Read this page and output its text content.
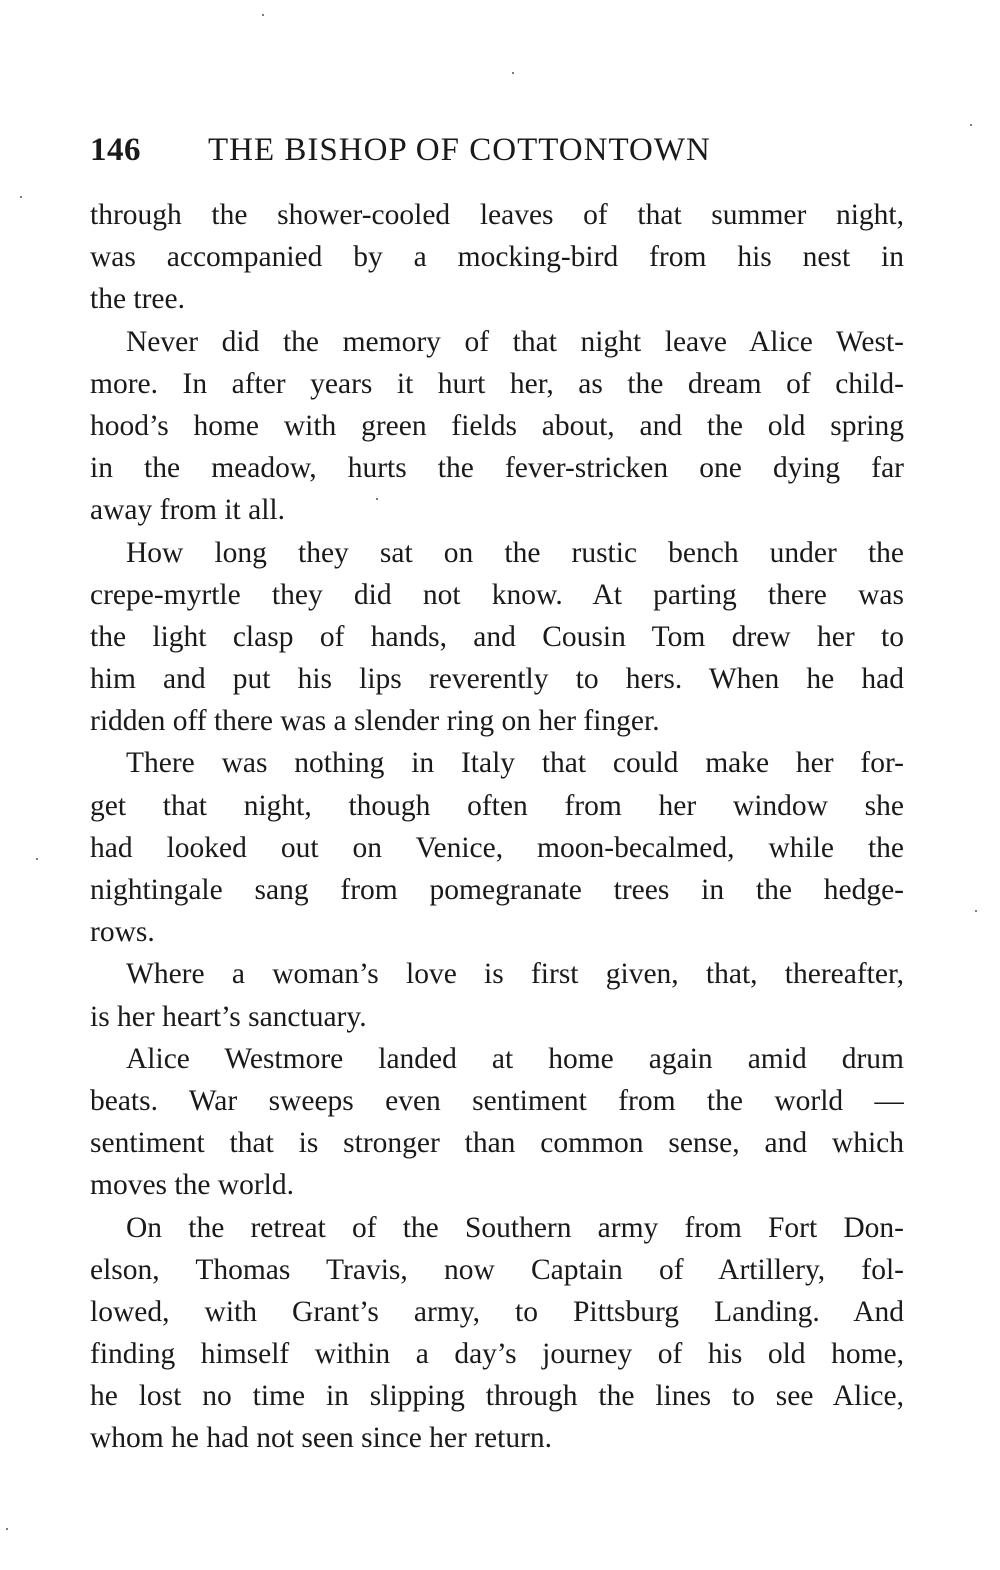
146 THE BISHOP OF COTTONTOWN

through the shower-cooled leaves of that summer night,
was accompanied by a mocking-bird from his nest in
the tree.

Never did the memory of that night leave Alice West-
more. In after years it hurt her, as the dream of child-
hood’s home with green fields about, and the old spring
in the meadow, hurts the fever-stricken one dying far
away from it all.

How long they sat on the rustic bench under the
crepe-myrtle they did not know. At parting there was
the light clasp of hands, and Cousin Tom drew her to
him and put his lips reverently to hers. When he had
ridden off there was a slender ring on her finger.

There was nothing in Italy that could make her for-
get that night, though often from her window she
had looked out on Venice, moon-becalmed, while the
nightingale sang from pomegranate trees in the hedge-
rows.

Where a woman’s love is first given, that, thereafter,
is her heart’s sanctuary.

Alice Westmore landed at home again amid drum
beats. War sweeps even sentiment from the world —
sentiment that is stronger than common sense, and which
moves the world.

On the retreat of the Southern army from Fort Don-
elson, Thomas Travis, now Captain of Artillery, fol-
lowed, with Grant’s army, to Pittsburg Landing. And
finding himself within a day’s journey of his old home,
he lost no time in slipping through the lines to see Alice,
whom he had not seen since her return.
